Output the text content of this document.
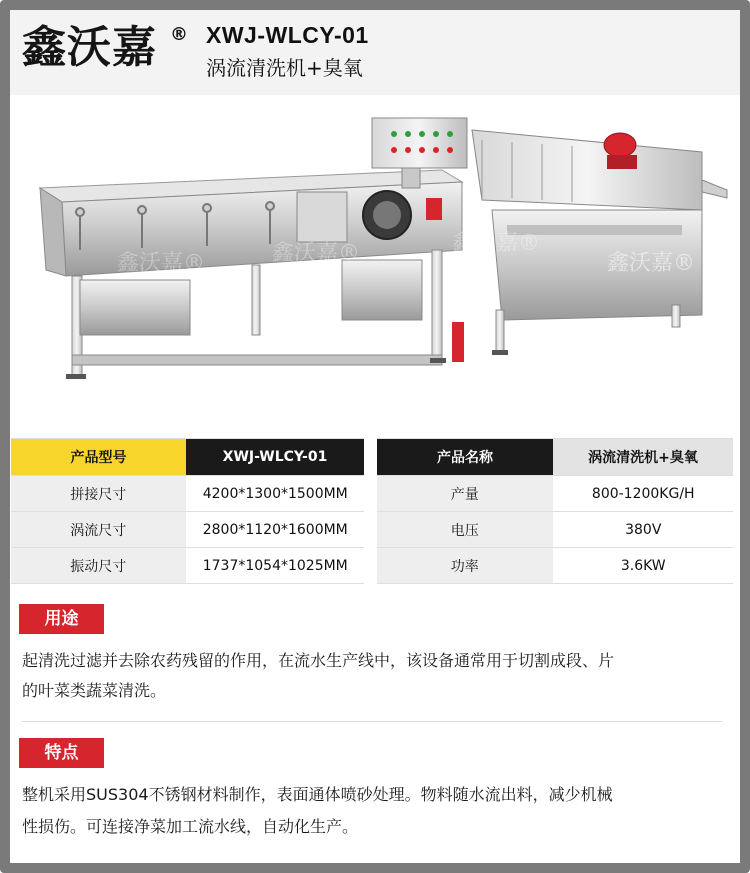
鑫沃嘉 ® XWJ-WLCY-01
涡流清洗机+臭氧
鑫沃嘉®	鑫沃嘉®	鑫沃嘉®
鑫沃嘉®
产品型号	XWJ-WLCY-01
拼接尺寸	4200*1300*1500MM
涡流尺寸	2800*1120*1600MM
振动尺寸	1737*1054*1025MM
产品名称	涡流清洗机+臭氧
产量	800-1200KG/H
电压	380V
功率	3.6KW
用途
起清洗过滤并去除农药残留的作用，在流水生产线中，该设备通常用于切割成段、片
的叶菜类蔬菜清洗。
特点
整机采用SUS304不锈钢材料制作，表面通体喷砂处理。物料随水流出料，减少机械
性损伤。可连接净菜加工流水线，自动化生产。
